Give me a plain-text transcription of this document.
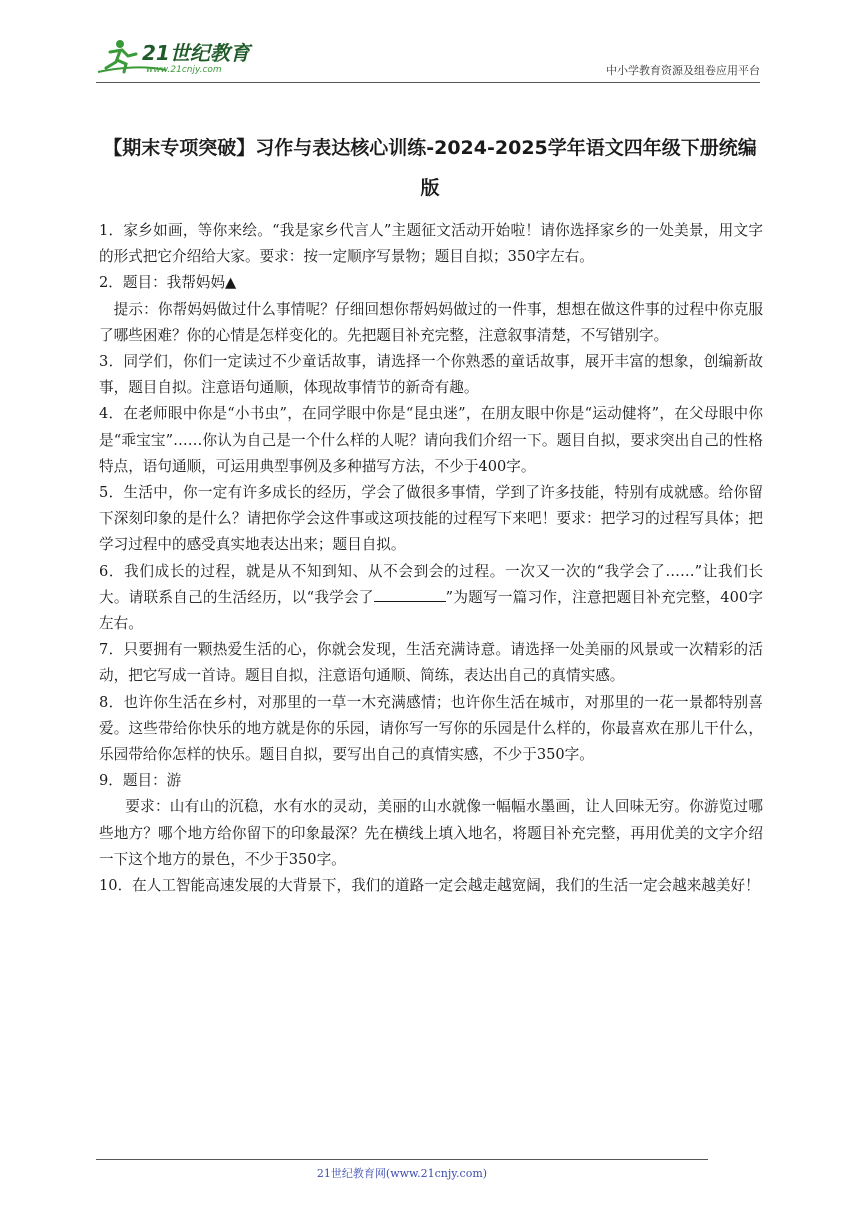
21世纪教育
www.21cnjy.com	中小学教育资源及组卷应用平台
【期末专项突破】习作与表达核心训练-2024-2025学年语文四年级下册统编版

1．家乡如画，等你来绘。“我是家乡代言人”主题征文活动开始啦！请你选择家乡的一处美景，用文字的形式把它介绍给大家。要求：按一定顺序写景物；题目自拟；350字左右。

2．题目：我帮妈妈▲

提示：你帮妈妈做过什么事情呢？仔细回想你帮妈妈做过的一件事，想想在做这件事的过程中你克服了哪些困难？你的心情是怎样变化的。先把题目补充完整，注意叙事清楚，不写错别字。

3．同学们，你们一定读过不少童话故事，请选择一个你熟悉的童话故事，展开丰富的想象，创编新故事，题目自拟。注意语句通顺，体现故事情节的新奇有趣。

4．在老师眼中你是“小书虫”，在同学眼中你是“昆虫迷”，在朋友眼中你是“运动健将”，在父母眼中你是“乖宝宝”……你认为自己是一个什么样的人呢？请向我们介绍一下。题目自拟，要求突出自己的性格特点，语句通顺，可运用典型事例及多种描写方法，不少于400字。

5．生活中，你一定有许多成长的经历，学会了做很多事情，学到了许多技能，特别有成就感。给你留下深刻印象的是什么？请把你学会这件事或这项技能的过程写下来吧！要求：把学习的过程写具体；把学习过程中的感受真实地表达出来；题目自拟。

6．我们成长的过程，就是从不知到知、从不会到会的过程。一次又一次的“我学会了……”让我们长大。请联系自己的生活经历，以“我学会了	”为题写一篇习作，注意把题目补充完整，400字左右。

7．只要拥有一颗热爱生活的心，你就会发现，生活充满诗意。请选择一处美丽的风景或一次精彩的活动，把它写成一首诗。题目自拟，注意语句通顺、简练，表达出自己的真情实感。

8．也许你生活在乡村，对那里的一草一木充满感情；也许你生活在城市，对那里的一花一景都特别喜爱。这些带给你快乐的地方就是你的乐园，请你写一写你的乐园是什么样的，你最喜欢在那儿干什么，乐园带给你怎样的快乐。题目自拟，要写出自己的真情实感，不少于350字。

9．题目：游

要求：山有山的沉稳，水有水的灵动，美丽的山水就像一幅幅水墨画，让人回味无穷。你游览过哪些地方？哪个地方给你留下的印象最深？先在横线上填入地名，将题目补充完整，再用优美的文字介绍一下这个地方的景色，不少于350字。

10．在人工智能高速发展的大背景下，我们的道路一定会越走越宽阔，我们的生活一定会越来越美好！

21世纪教育网(www.21cnjy.com)
